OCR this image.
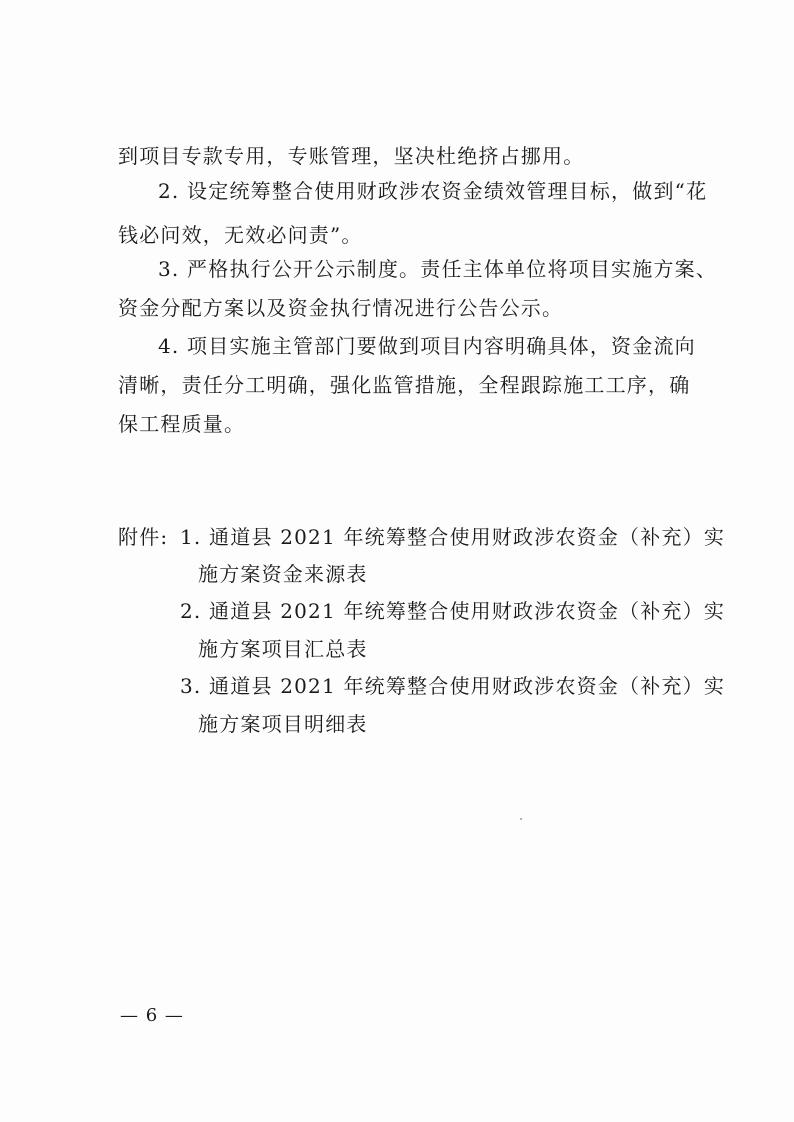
到项目专款专用，专账管理，坚决杜绝挤占挪用。
2. 设定统筹整合使用财政涉农资金绩效管理目标，做到“花
钱必问效，无效必问责”。
3. 严格执行公开公示制度。责任主体单位将项目实施方案、
资金分配方案以及资金执行情况进行公告公示。
4. 项目实施主管部门要做到项目内容明确具体，资金流向
清晰，责任分工明确，强化监管措施，全程跟踪施工工序，确
保工程质量。
附件: 1. 通道县 2021 年统筹整合使用财政涉农资金（补充）实
施方案资金来源表
2. 通道县 2021 年统筹整合使用财政涉农资金（补充）实
施方案项目汇总表
3. 通道县 2021 年统筹整合使用财政涉农资金（补充）实
施方案项目明细表
— 6 —
